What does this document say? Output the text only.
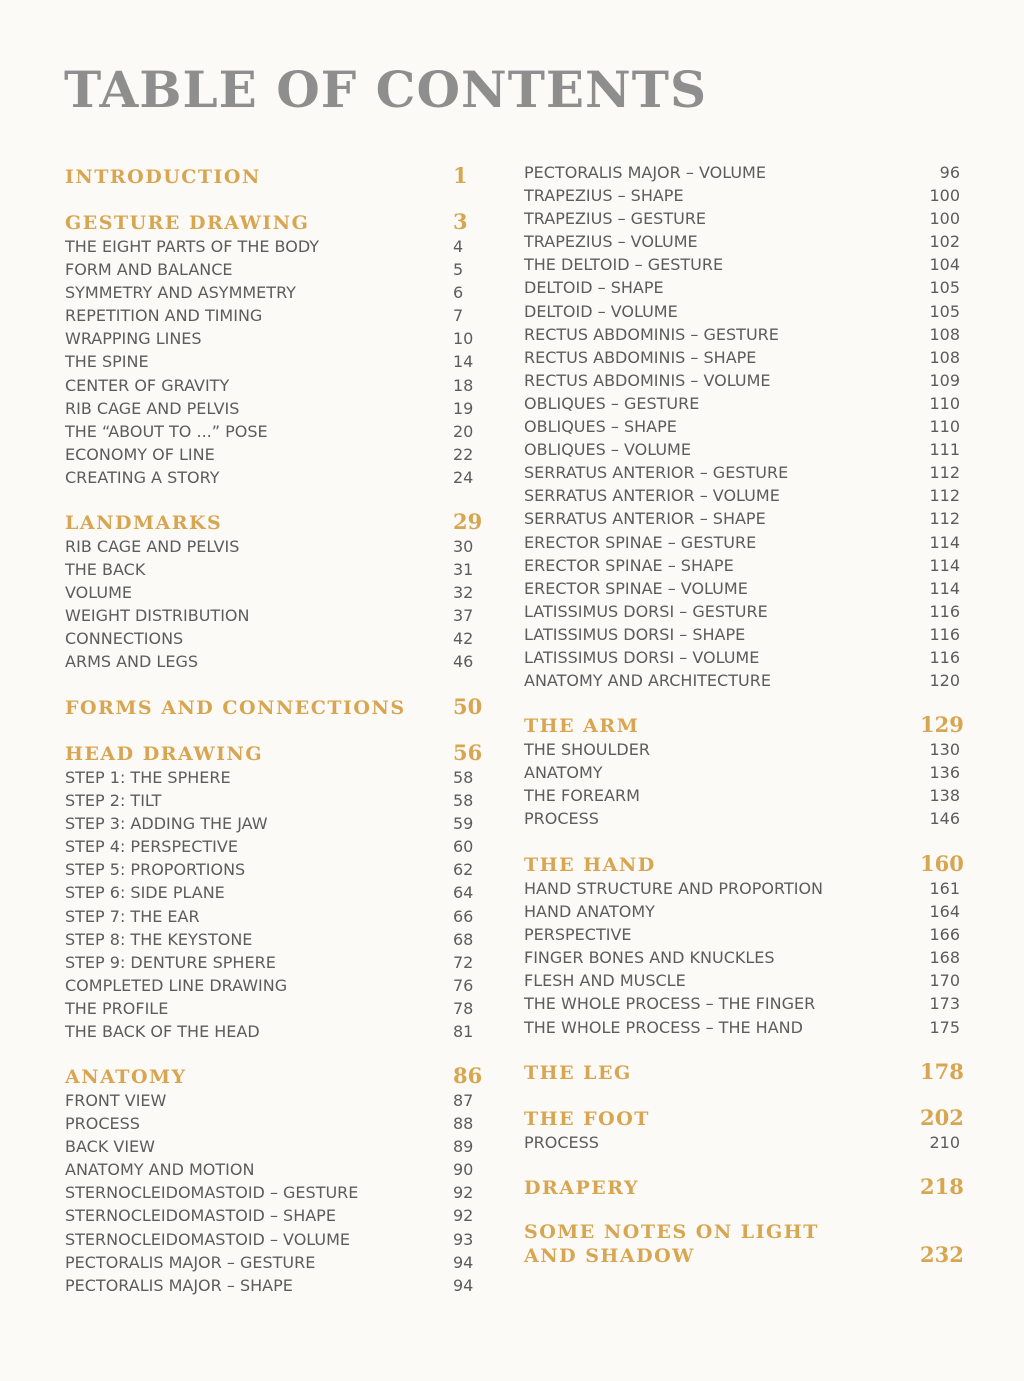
TABLE OF CONTENTS
INTRODUCTION	1
GESTURE DRAWING	3
THE EIGHT PARTS OF THE BODY	4
FORM AND BALANCE	5
SYMMETRY AND ASYMMETRY	6
REPETITION AND TIMING	7
WRAPPING LINES	10
THE SPINE	14
CENTER OF GRAVITY	18
RIB CAGE AND PELVIS	19
THE “ABOUT TO ...” POSE	20
ECONOMY OF LINE	22
CREATING A STORY	24
LANDMARKS	29
RIB CAGE AND PELVIS	30
THE BACK	31
VOLUME	32
WEIGHT DISTRIBUTION	37
CONNECTIONS	42
ARMS AND LEGS	46
FORMS AND CONNECTIONS 50
HEAD DRAWING	56
STEP 1: THE SPHERE	58
STEP 2: TILT	58
STEP 3: ADDING THE JAW	59
STEP 4: PERSPECTIVE	60
STEP 5: PROPORTIONS	62
STEP 6: SIDE PLANE	64
STEP 7: THE EAR	66
STEP 8: THE KEYSTONE	68
STEP 9: DENTURE SPHERE	72
COMPLETED LINE DRAWING	76
THE PROFILE	78
THE BACK OF THE HEAD	81
ANATOMY	86
FRONT VIEW	87
PROCESS	88
BACK VIEW	89
ANATOMY AND MOTION	90
STERNOCLEIDOMASTOID – GESTURE	92
STERNOCLEIDOMASTOID – SHAPE	92
STERNOCLEIDOMASTOID – VOLUME	93
PECTORALIS MAJOR – GESTURE	94
PECTORALIS MAJOR – SHAPE	94
PECTORALIS MAJOR – VOLUME	96
TRAPEZIUS – SHAPE	100
TRAPEZIUS – GESTURE	100
TRAPEZIUS – VOLUME	102
THE DELTOID – GESTURE	104
DELTOID – SHAPE	105
DELTOID – VOLUME	105
RECTUS ABDOMINIS – GESTURE	108
RECTUS ABDOMINIS – SHAPE	108
RECTUS ABDOMINIS – VOLUME	109
OBLIQUES – GESTURE	110
OBLIQUES – SHAPE	110
OBLIQUES – VOLUME	111
SERRATUS ANTERIOR – GESTURE	112
SERRATUS ANTERIOR – VOLUME	112
SERRATUS ANTERIOR – SHAPE	112
ERECTOR SPINAE – GESTURE	114
ERECTOR SPINAE – SHAPE	114
ERECTOR SPINAE – VOLUME	114
LATISSIMUS DORSI – GESTURE	116
LATISSIMUS DORSI – SHAPE	116
LATISSIMUS DORSI – VOLUME	116
ANATOMY AND ARCHITECTURE	120
THE ARM	129
THE SHOULDER	130
ANATOMY	136
THE FOREARM	138
PROCESS	146
THE HAND	160
HAND STRUCTURE AND PROPORTION	161
HAND ANATOMY	164
PERSPECTIVE	166
FINGER BONES AND KNUCKLES	168
FLESH AND MUSCLE	170
THE WHOLE PROCESS – THE FINGER	173
THE WHOLE PROCESS – THE HAND	175
THE LEG	178
THE FOOT	202
PROCESS	210
DRAPERY	218
SOME NOTES ON LIGHT AND SHADOW	232
